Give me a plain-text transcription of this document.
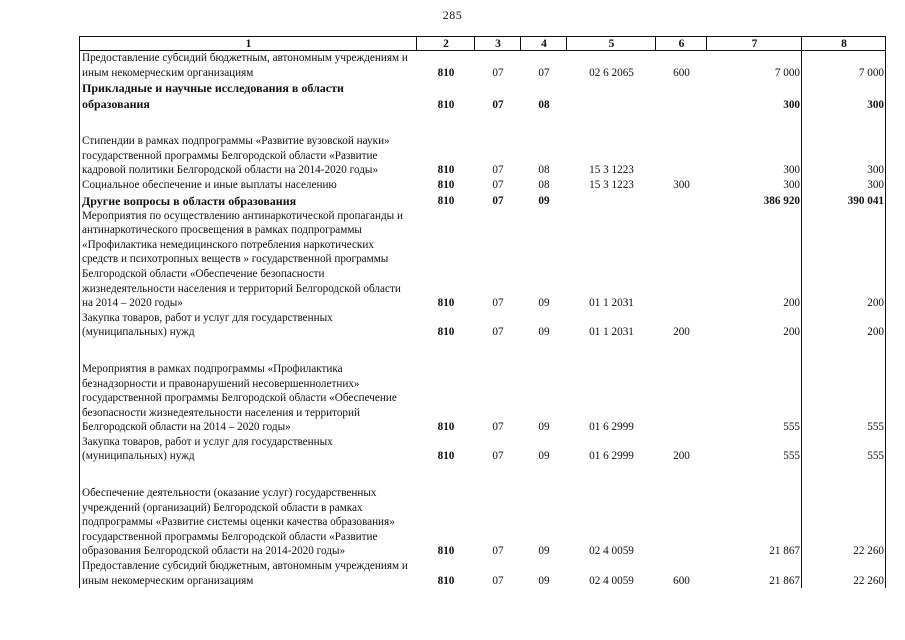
285
1	2	3	4	5	6	7	8
Предоставление субсидий бюджетным, автономным учреждениям и иным некомерческим организациям	810	07	07	02 6 2065	600	7 000	7 000
Прикладные и научные исследования в области образования	810	07	08			300	300

Стипендии в рамках подпрограммы «Развитие вузовской науки» государственной программы Белгородской области «Развитие кадровой политики Белгородской области на 2014-2020 годы»	810	07	08	15 3 1223		300	300
Социальное обеспечение и иные выплаты населению	810	07	08	15 3 1223	300	300	300
Другие вопросы в области образования	810	07	09			386 920	390 041
Мероприятия по осуществлению антинаркотической пропаганды и антинаркотического просвещения в рамках подпрограммы «Профилактика немедицинского потребления наркотических средств и психотропных веществ » государственной программы Белгородской области «Обеспечение безопасности жизнедеятельности населения и территорий Белгородской области на 2014 – 2020 годы»	810	07	09	01 1 2031		200	200
Закупка товаров, работ и услуг для государственных (муниципальных) нужд	810	07	09	01 1 2031	200	200	200

Мероприятия в рамках подпрограммы «Профилактика безнадзорности и правонарушений несовершеннолетних» государственной программы Белгородской области «Обеспечение безопасности жизнедеятельности населения и территорий Белгородской области на 2014 – 2020 годы»	810	07	09	01 6 2999		555	555
Закупка товаров, работ и услуг для государственных (муниципальных) нужд	810	07	09	01 6 2999	200	555	555

Обеспечение деятельности (оказание услуг) государственных учреждений (организаций) Белгородской области в рамках подпрограммы «Развитие системы оценки качества образования» государственной программы Белгородской области «Развитие образования Белгородской области на 2014-2020 годы»	810	07	09	02 4 0059		21 867	22 260
Предоставление субсидий бюджетным, автономным учреждениям и иным некомерческим организациям	810	07	09	02 4 0059	600	21 867	22 260
